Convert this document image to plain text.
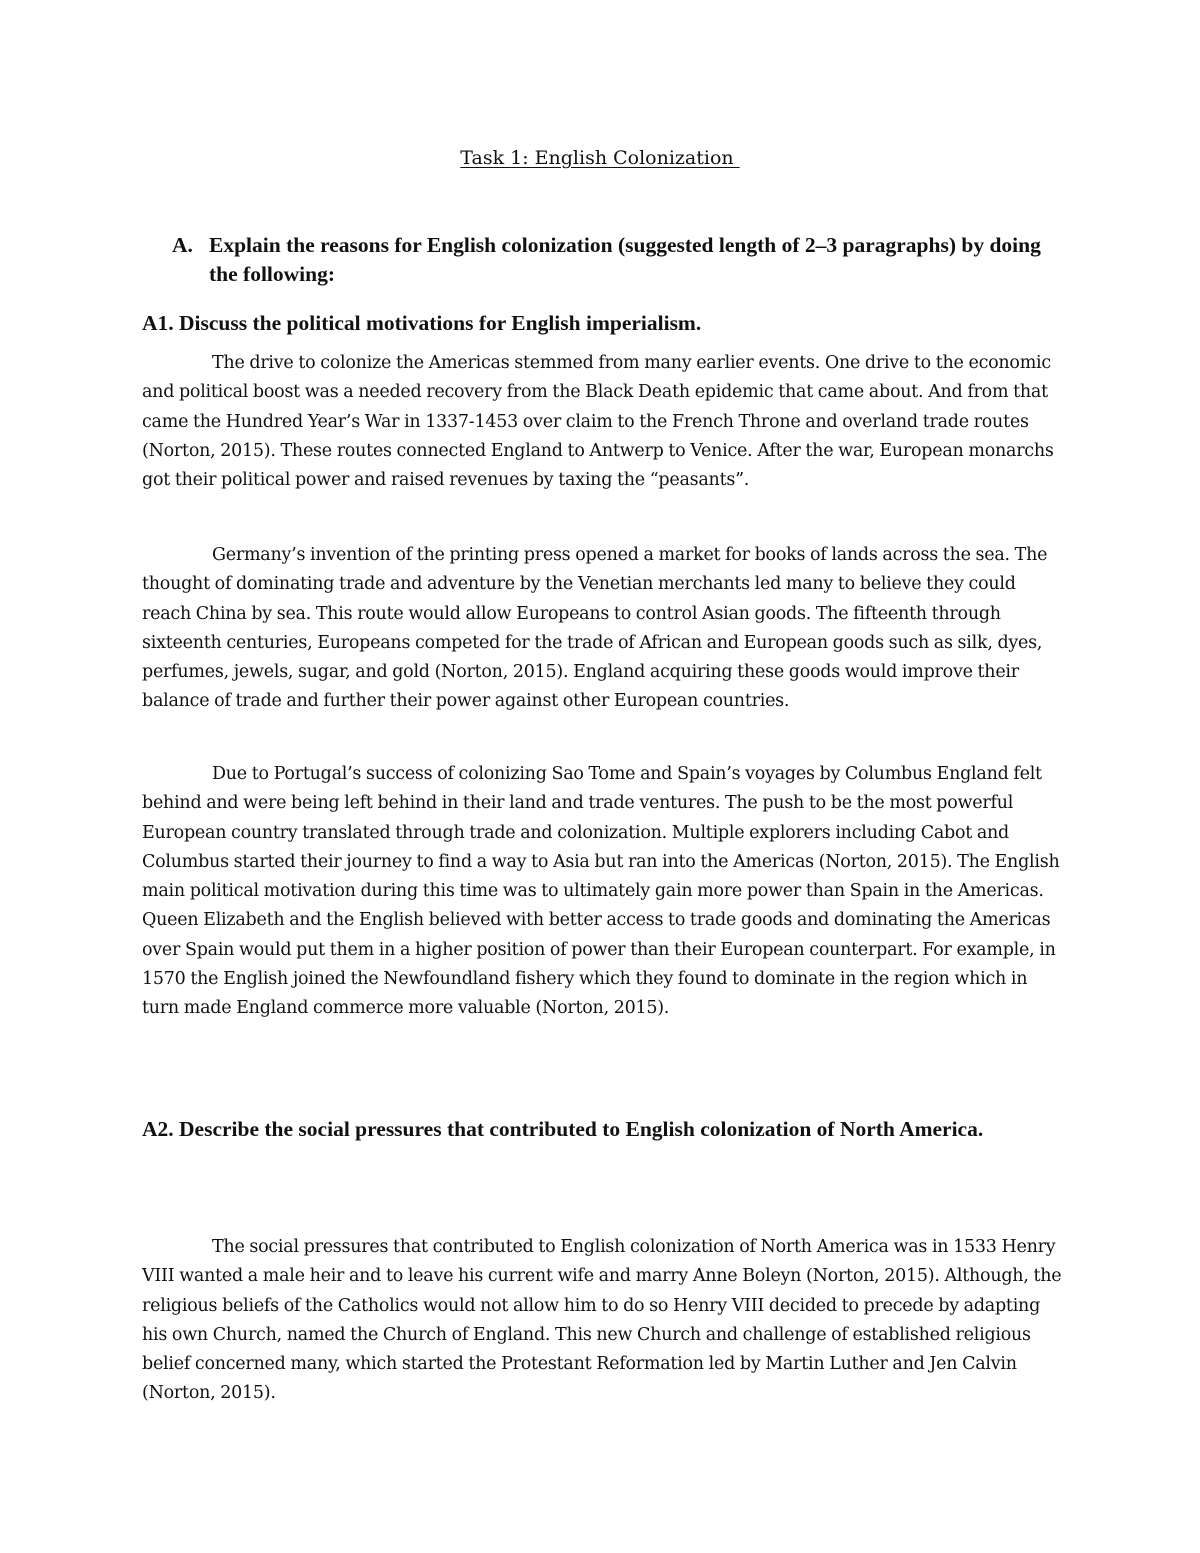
Task 1: English Colonization
A. Explain the reasons for English colonization (suggested length of 2–3 paragraphs) by doing the following:
A1. Discuss the political motivations for English imperialism.

The drive to colonize the Americas stemmed from many earlier events. One drive to the economic and political boost was a needed recovery from the Black Death epidemic that came about. And from that came the Hundred Year’s War in 1337-1453 over claim to the French Throne and overland trade routes (Norton, 2015). These routes connected England to Antwerp to Venice. After the war, European monarchs got their political power and raised revenues by taxing the “peasants”.

Germany’s invention of the printing press opened a market for books of lands across the sea. The thought of dominating trade and adventure by the Venetian merchants led many to believe they could reach China by sea. This route would allow Europeans to control Asian goods. The fifteenth through sixteenth centuries, Europeans competed for the trade of African and European goods such as silk, dyes, perfumes, jewels, sugar, and gold (Norton, 2015). England acquiring these goods would improve their balance of trade and further their power against other European countries.

Due to Portugal’s success of colonizing Sao Tome and Spain’s voyages by Columbus England felt behind and were being left behind in their land and trade ventures. The push to be the most powerful European country translated through trade and colonization. Multiple explorers including Cabot and Columbus started their journey to find a way to Asia but ran into the Americas (Norton, 2015). The English main political motivation during this time was to ultimately gain more power than Spain in the Americas. Queen Elizabeth and the English believed with better access to trade goods and dominating the Americas over Spain would put them in a higher position of power than their European counterpart. For example, in 1570 the English joined the Newfoundland fishery which they found to dominate in the region which in turn made England commerce more valuable (Norton, 2015).

A2. Describe the social pressures that contributed to English colonization of North America.

The social pressures that contributed to English colonization of North America was in 1533 Henry VIII wanted a male heir and to leave his current wife and marry Anne Boleyn (Norton, 2015). Although, the religious beliefs of the Catholics would not allow him to do so Henry VIII decided to precede by adapting his own Church, named the Church of England. This new Church and challenge of established religious belief concerned many, which started the Protestant Reformation led by Martin Luther and Jen Calvin (Norton, 2015).
